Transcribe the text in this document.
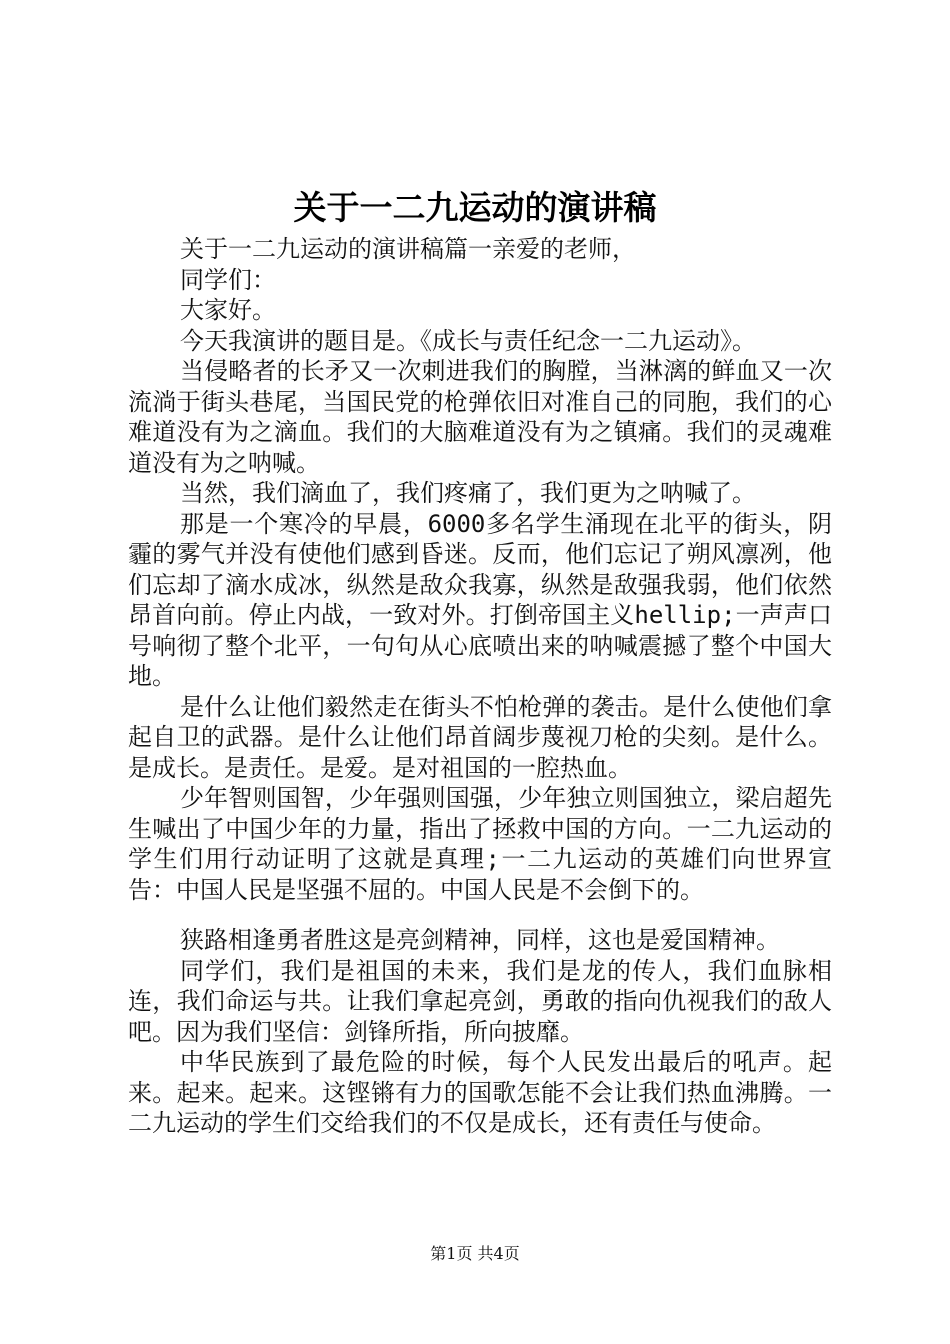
关于一二九运动的演讲稿

关于一二九运动的演讲稿篇一亲爱的老师，

同学们：

大家好。

今天我演讲的题目是。《成长与责任纪念一二九运动》。

当侵略者的长矛又一次刺进我们的胸膛，当淋漓的鲜血又一次流淌于街头巷尾，当国民党的枪弹依旧对准自己的同胞，我们的心难道没有为之滴血。我们的大脑难道没有为之镇痛。我们的灵魂难道没有为之呐喊。

当然，我们滴血了，我们疼痛了，我们更为之呐喊了。

那是一个寒冷的早晨，6000多名学生涌现在北平的街头，阴霾的雾气并没有使他们感到昏迷。反而，他们忘记了朔风凛冽，他们忘却了滴水成冰，纵然是敌众我寡，纵然是敌强我弱，他们依然昂首向前。停止内战，一致对外。打倒帝国主义hellip;一声声口号响彻了整个北平，一句句从心底喷出来的呐喊震撼了整个中国大地。

是什么让他们毅然走在街头不怕枪弹的袭击。是什么使他们拿起自卫的武器。是什么让他们昂首阔步蔑视刀枪的尖刻。是什么。是成长。是责任。是爱。是对祖国的一腔热血。

少年智则国智，少年强则国强，少年独立则国独立，梁启超先生喊出了中国少年的力量，指出了拯救中国的方向。一二九运动的学生们用行动证明了这就是真理;一二九运动的英雄们向世界宣告：中国人民是坚强不屈的。中国人民是不会倒下的。

狭路相逢勇者胜这是亮剑精神，同样，这也是爱国精神。

同学们，我们是祖国的未来，我们是龙的传人，我们血脉相连，我们命运与共。让我们拿起亮剑，勇敢的指向仇视我们的敌人吧。因为我们坚信：剑锋所指，所向披靡。

中华民族到了最危险的时候，每个人民发出最后的吼声。起来。起来。起来。这铿锵有力的国歌怎能不会让我们热血沸腾。一二九运动的学生们交给我们的不仅是成长，还有责任与使命。

第1页 共4页
